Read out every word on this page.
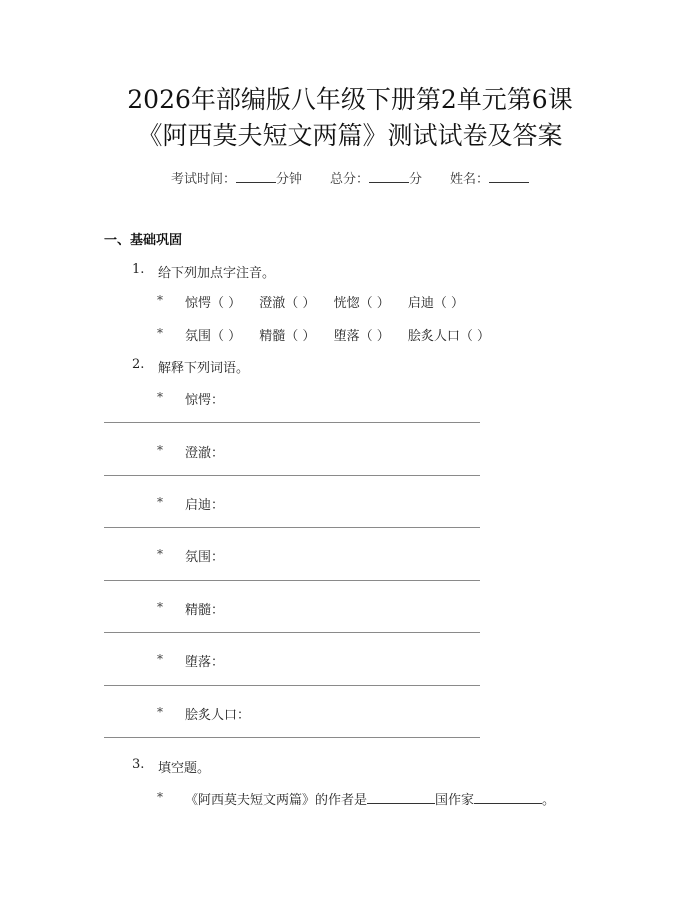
2026年部编版八年级下册第2单元第6课
《阿西莫夫短文两篇》测试试卷及答案
考试时间：	分钟 总分：	分 姓名：
一、基础巩固
1. 给下列加点字注音。
* 惊愕（ ） 澄澈（ ） 恍惚（ ） 启迪（ ）
* 氛围（ ） 精髓（ ） 堕落（ ） 脍炙人口（ ）
2. 解释下列词语。
* 惊愕：
* 澄澈：
* 启迪：
* 氛围：
* 精髓：
* 堕落：
* 脍炙人口：
3. 填空题。
* 《阿西莫夫短文两篇》的作者是	国作家	。
